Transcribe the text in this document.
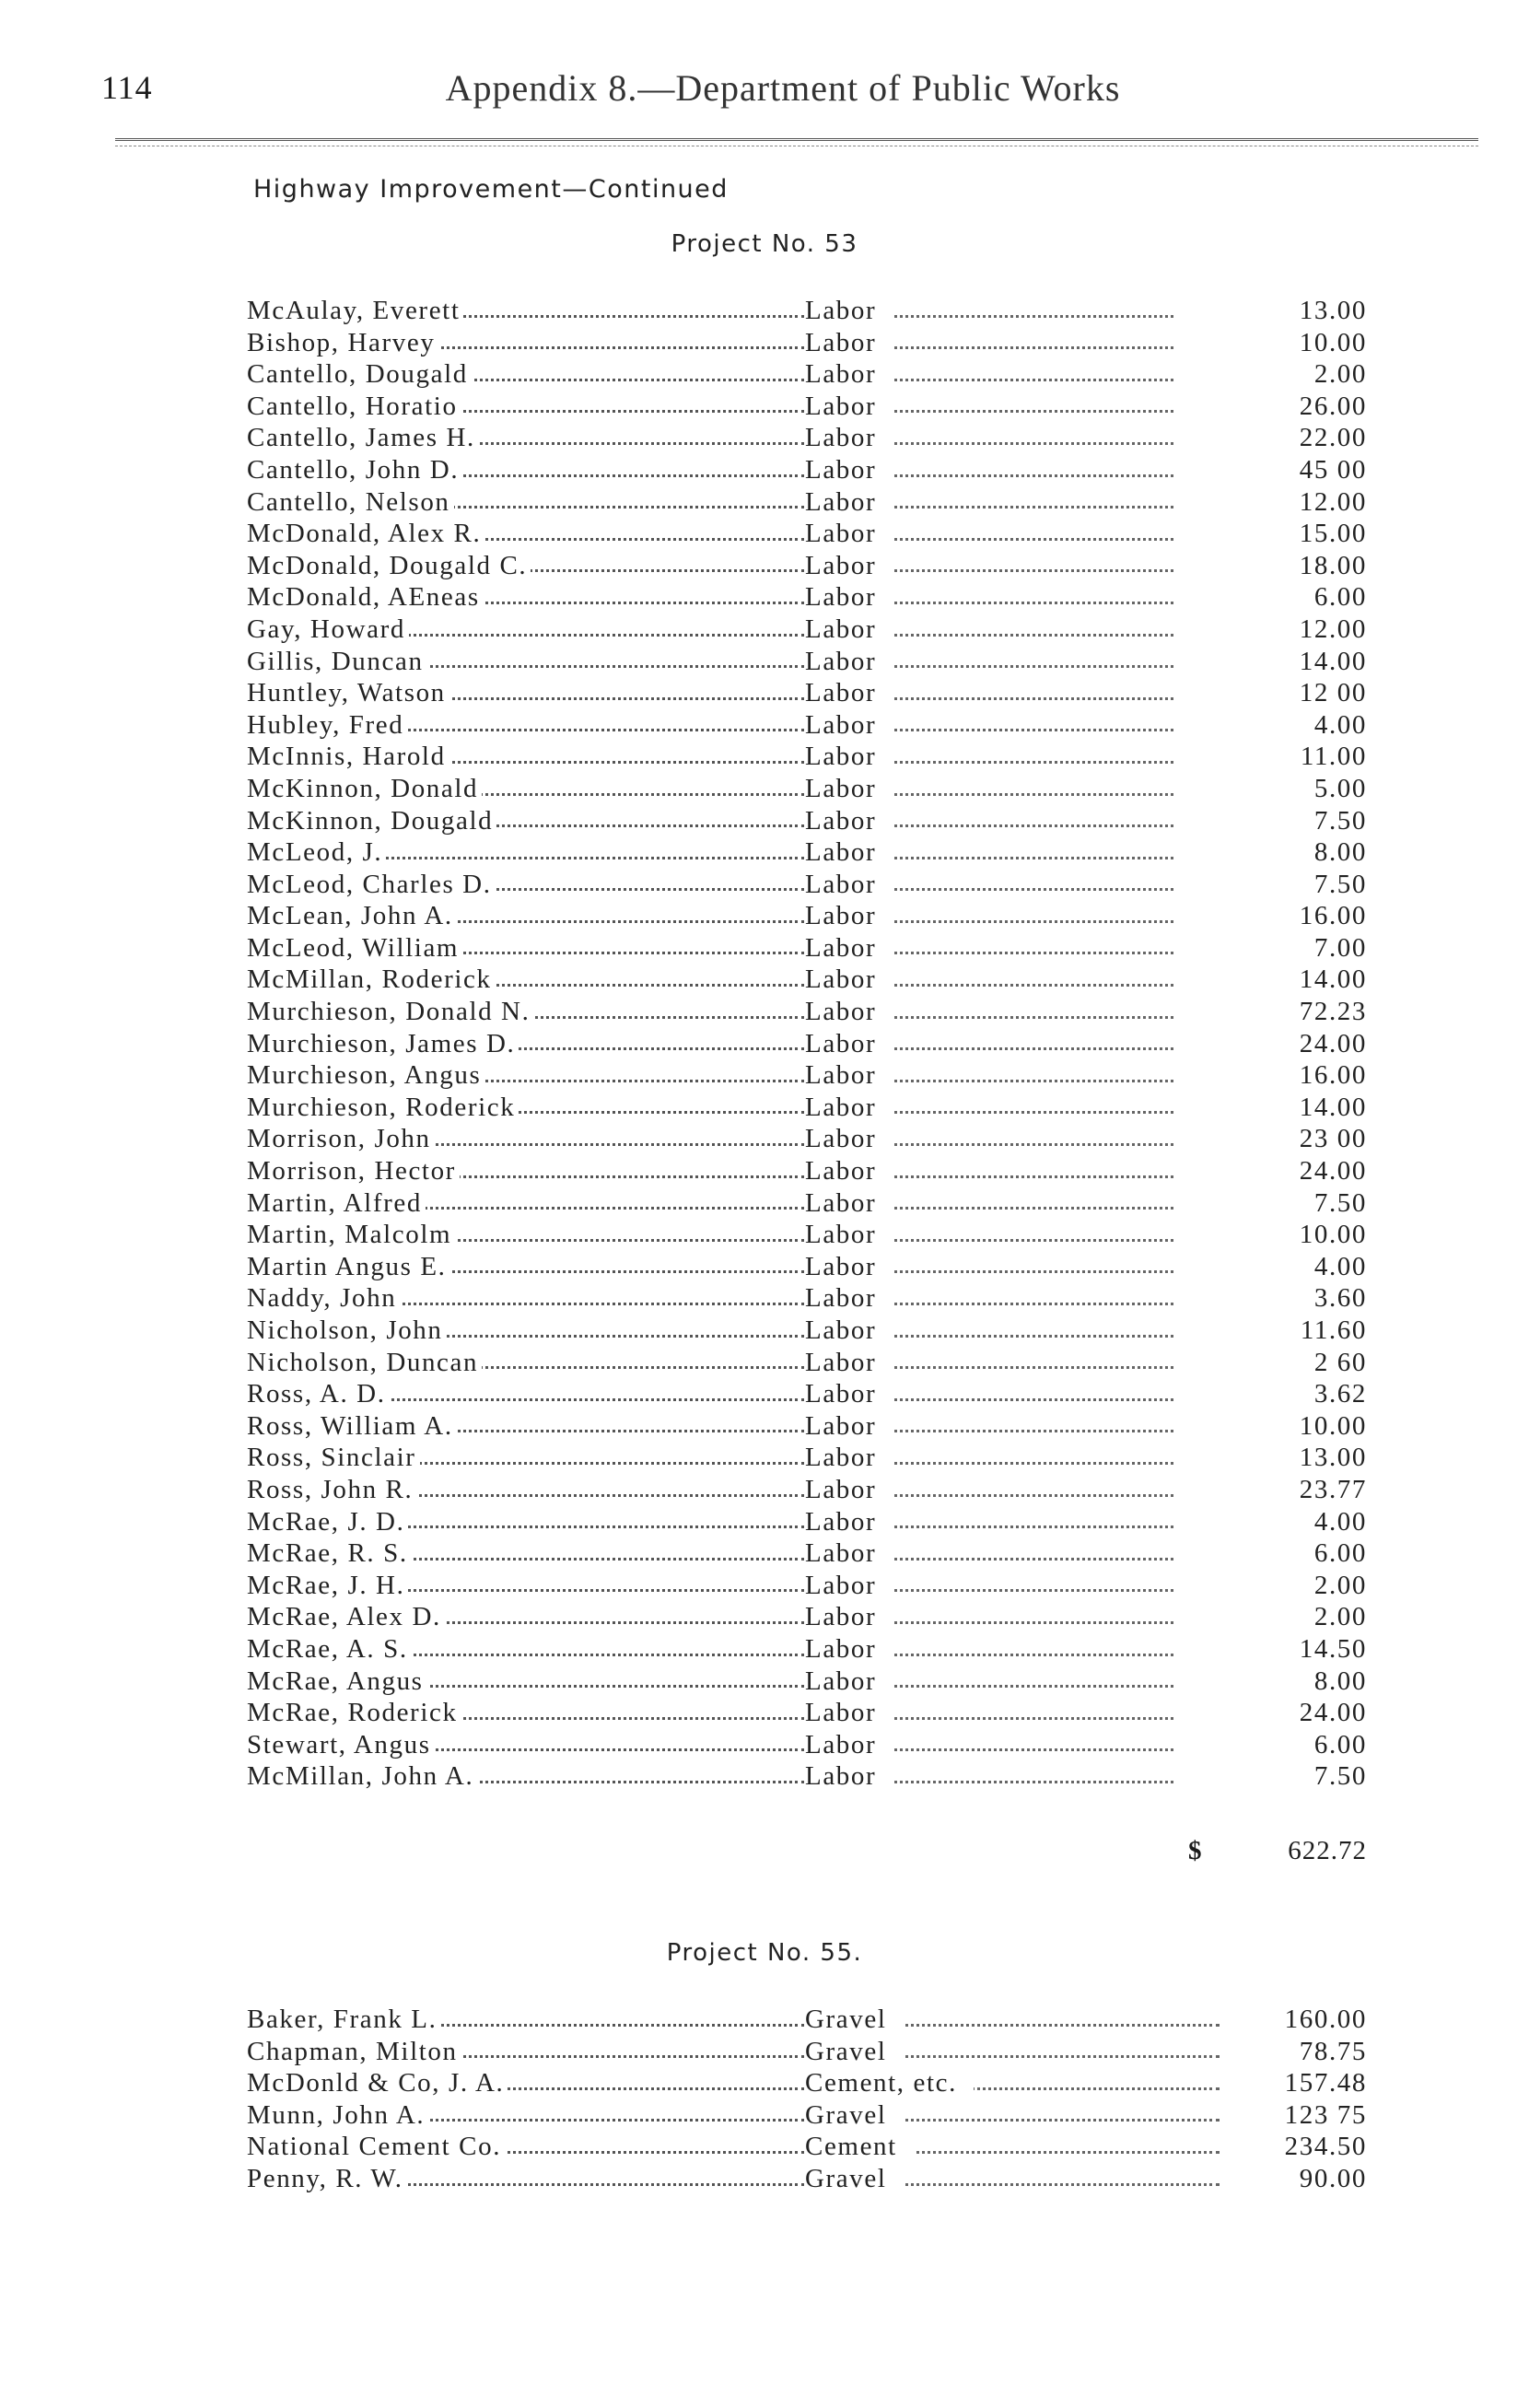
114	Appendix 8.—Department of Public Works
Highway Improvement—Continued
Project No. 53
McAulay, Everett	Labor	13.00
Bishop, Harvey	Labor	10.00
Cantello, Dougald	Labor	2.00
Cantello, Horatio	Labor	26.00
Cantello, James H.	Labor	22.00
Cantello, John D.	Labor	45 00
Cantello, Nelson	Labor	12.00
McDonald, Alex R.	Labor	15.00
McDonald, Dougald C.	Labor	18.00
McDonald, AEneas	Labor	6.00
Gay, Howard	Labor	12.00
Gillis, Duncan	Labor	14.00
Huntley, Watson	Labor	12 00
Hubley, Fred	Labor	4.00
McInnis, Harold	Labor	11.00
McKinnon, Donald	Labor	5.00
McKinnon, Dougald	Labor	7.50
McLeod, J.	Labor	8.00
McLeod, Charles D.	Labor	7.50
McLean, John A.	Labor	16.00
McLeod, William	Labor	7.00
McMillan, Roderick	Labor	14.00
Murchieson, Donald N.	Labor	72.23
Murchieson, James D.	Labor	24.00
Murchieson, Angus	Labor	16.00
Murchieson, Roderick	Labor	14.00
Morrison, John	Labor	23 00
Morrison, Hector	Labor	24.00
Martin, Alfred	Labor	7.50
Martin, Malcolm	Labor	10.00
Martin Angus E.	Labor	4.00
Naddy, John	Labor	3.60
Nicholson, John	Labor	11.60
Nicholson, Duncan	Labor	2 60
Ross, A. D.	Labor	3.62
Ross, William A.	Labor	10.00
Ross, Sinclair	Labor	13.00
Ross, John R.	Labor	23.77
McRae, J. D.	Labor	4.00
McRae, R. S.	Labor	6.00
McRae, J. H.	Labor	2.00
McRae, Alex D.	Labor	2.00
McRae, A. S.	Labor	14.50
McRae, Angus	Labor	8.00
McRae, Roderick	Labor	24.00
Stewart, Angus	Labor	6.00
McMillan, John A.	Labor	7.50
$	622.72
Project No. 55.
Baker, Frank L.	Gravel	160.00
Chapman, Milton	Gravel	78.75
McDonld & Co, J. A.	Cement, etc.	157.48
Munn, John A.	Gravel	123 75
National Cement Co.	Cement	234.50
Penny, R. W.	Gravel	90.00
